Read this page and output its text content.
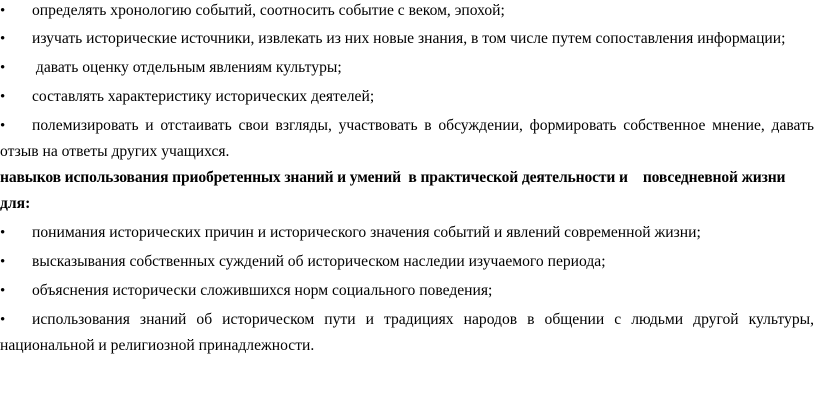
• определять хронологию событий, соотносить событие с веком, эпохой;
• изучать исторические источники, извлекать из них новые знания, в том числе путем сопоставления информации;
• давать оценку отдельным явлениям культуры;
• составлять характеристику исторических деятелей;
• полемизировать и отстаивать свои взгляды, участвовать в обсуждении, формировать собственное мнение, давать
отзыв на ответы других учащихся.
навыков использования приобретенных знаний и умений  в практической деятельности и    повседневной жизни
для:
• понимания исторических причин и исторического значения событий и явлений современной жизни;
• высказывания собственных суждений об историческом наследии изучаемого периода;
• объяснения исторически сложившихся норм социального поведения;
• использования знаний об историческом пути и традициях народов в общении с людьми другой культуры,
национальной и религиозной принадлежности.
